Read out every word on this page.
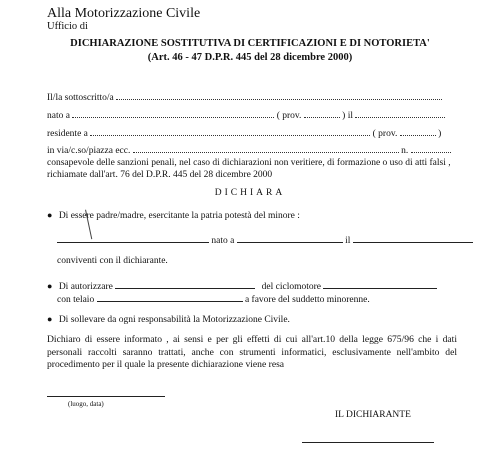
Alla Motorizzazione Civile
Ufficio di
DICHIARAZIONE SOSTITUTIVA DI CERTIFICAZIONI E DI NOTORIETA'
(Art. 46 - 47 D.P.R. 445 del 28 dicembre 2000)
Il/la sottoscritto/a
nato a	( prov.	) il
residente a	( prov.	)
in via/c.so/piazza ecc.	n.
consapevole delle sanzioni penali, nel caso di dichiarazioni non veritiere, di formazione o uso di atti falsi ,
richiamate dall'art. 76 del D.P.R. 445 del 28 dicembre 2000
DICHIARA
● Di essere padre/madre, esercitante la patria potestà del minore :
nato a	il
conviventi con il dichiarante.
● Di autorizzare	del ciclomotore
con telaio	a favore del suddetto minorenne.
● Di sollevare da ogni responsabilità la Motorizzazione Civile.
Dichiaro di essere informato , ai sensi e per gli effetti di cui all'art.10 della legge 675/96 che i dati personali raccolti saranno trattati, anche con strumenti informatici, esclusivamente nell'ambito del procedimento per il quale la presente dichiarazione viene resa
(luogo, data)
IL DICHIARANTE
